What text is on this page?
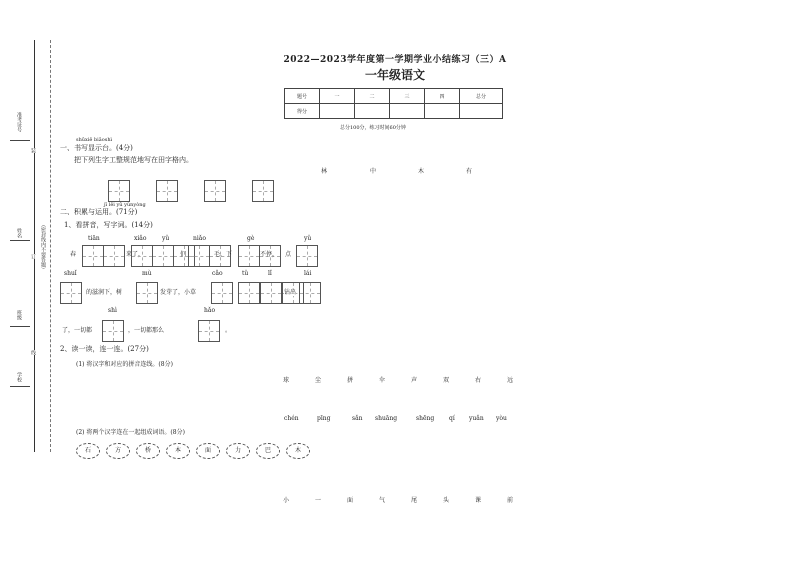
准考证号
姓名
班级
学校
（密封线内不要答题）
装
订
线
2022—2023学年度第一学期学业小结练习（三）A
一年级语文
题号	一	二	三	四	总分
得分					
总分100分，练习时间60分钟
shūxiě biǎoshì
一、书写显示台。(4分)
把下列生字工整规范地写在田字格内。
林	中	木	有
jī lěi yǔ yùnyòng
二、积累与运用。(71分)
1、看拼音，写字词。(14分)
tiān	xiǎo	yǔ	niǎo	gè	yǔ
春	来了，	们	毛，下	不停， 点
shuǐ	mù	cǎo	tǔ	lǐ	lái
的滋润下，树	发芽了，小草	钻出
shì	hǎo
了，一切都	，一切都那么	。
2、读一读，连一连。(27分)
(1) 将汉字和对应的拼音连线。(8分)
球	尘	拼	伞	声	双	右	远
chén	pīng	sǎn shuāng	shēng qí yuǎn yòu
(2) 将两个汉字连在一起组成词语。(8分)
石	方	桥	本	面	力	巴	木
小	一	面	气	尾	头	课	前
